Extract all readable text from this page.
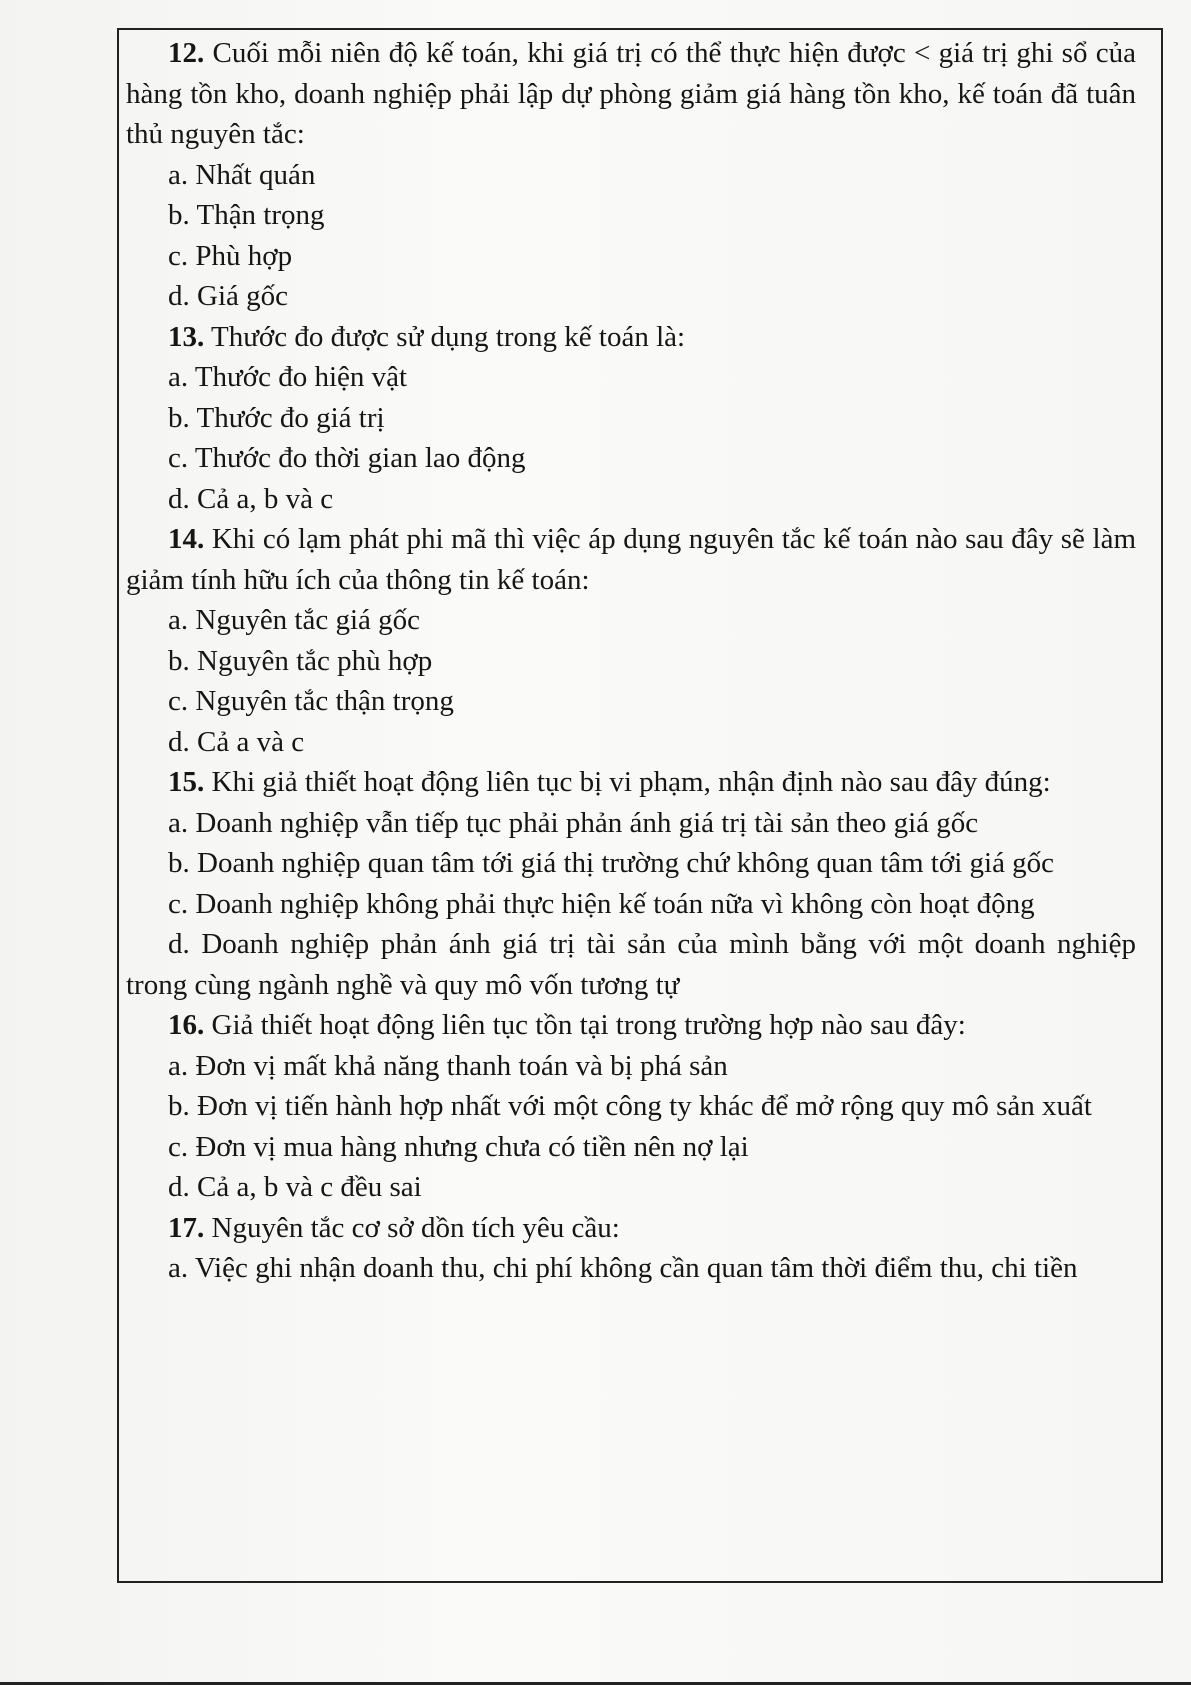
12. Cuối mỗi niên độ kế toán, khi giá trị có thể thực hiện được < giá trị ghi sổ của hàng tồn kho, doanh nghiệp phải lập dự phòng giảm giá hàng tồn kho, kế toán đã tuân thủ nguyên tắc:
a. Nhất quán
b. Thận trọng
c. Phù hợp
d. Giá gốc
13. Thước đo được sử dụng trong kế toán là:
a. Thước đo hiện vật
b. Thước đo giá trị
c. Thước đo thời gian lao động
d. Cả a, b và c
14. Khi có lạm phát phi mã thì việc áp dụng nguyên tắc kế toán nào sau đây sẽ làm giảm tính hữu ích của thông tin kế toán:
a. Nguyên tắc giá gốc
b. Nguyên tắc phù hợp
c. Nguyên tắc thận trọng
d. Cả a và c
15. Khi giả thiết hoạt động liên tục bị vi phạm, nhận định nào sau đây đúng:
a. Doanh nghiệp vẫn tiếp tục phải phản ánh giá trị tài sản theo giá gốc
b. Doanh nghiệp quan tâm tới giá thị trường chứ không quan tâm tới giá gốc
c. Doanh nghiệp không phải thực hiện kế toán nữa vì không còn hoạt động
d. Doanh nghiệp phản ánh giá trị tài sản của mình bằng với một doanh nghiệp trong cùng ngành nghề và quy mô vốn tương tự
16. Giả thiết hoạt động liên tục tồn tại trong trường hợp nào sau đây:
a. Đơn vị mất khả năng thanh toán và bị phá sản
b. Đơn vị tiến hành hợp nhất với một công ty khác để mở rộng quy mô sản xuất
c. Đơn vị mua hàng nhưng chưa có tiền nên nợ lại
d. Cả a, b và c đều sai
17. Nguyên tắc cơ sở dồn tích yêu cầu:
a. Việc ghi nhận doanh thu, chi phí không cần quan tâm thời điểm thu, chi tiền
